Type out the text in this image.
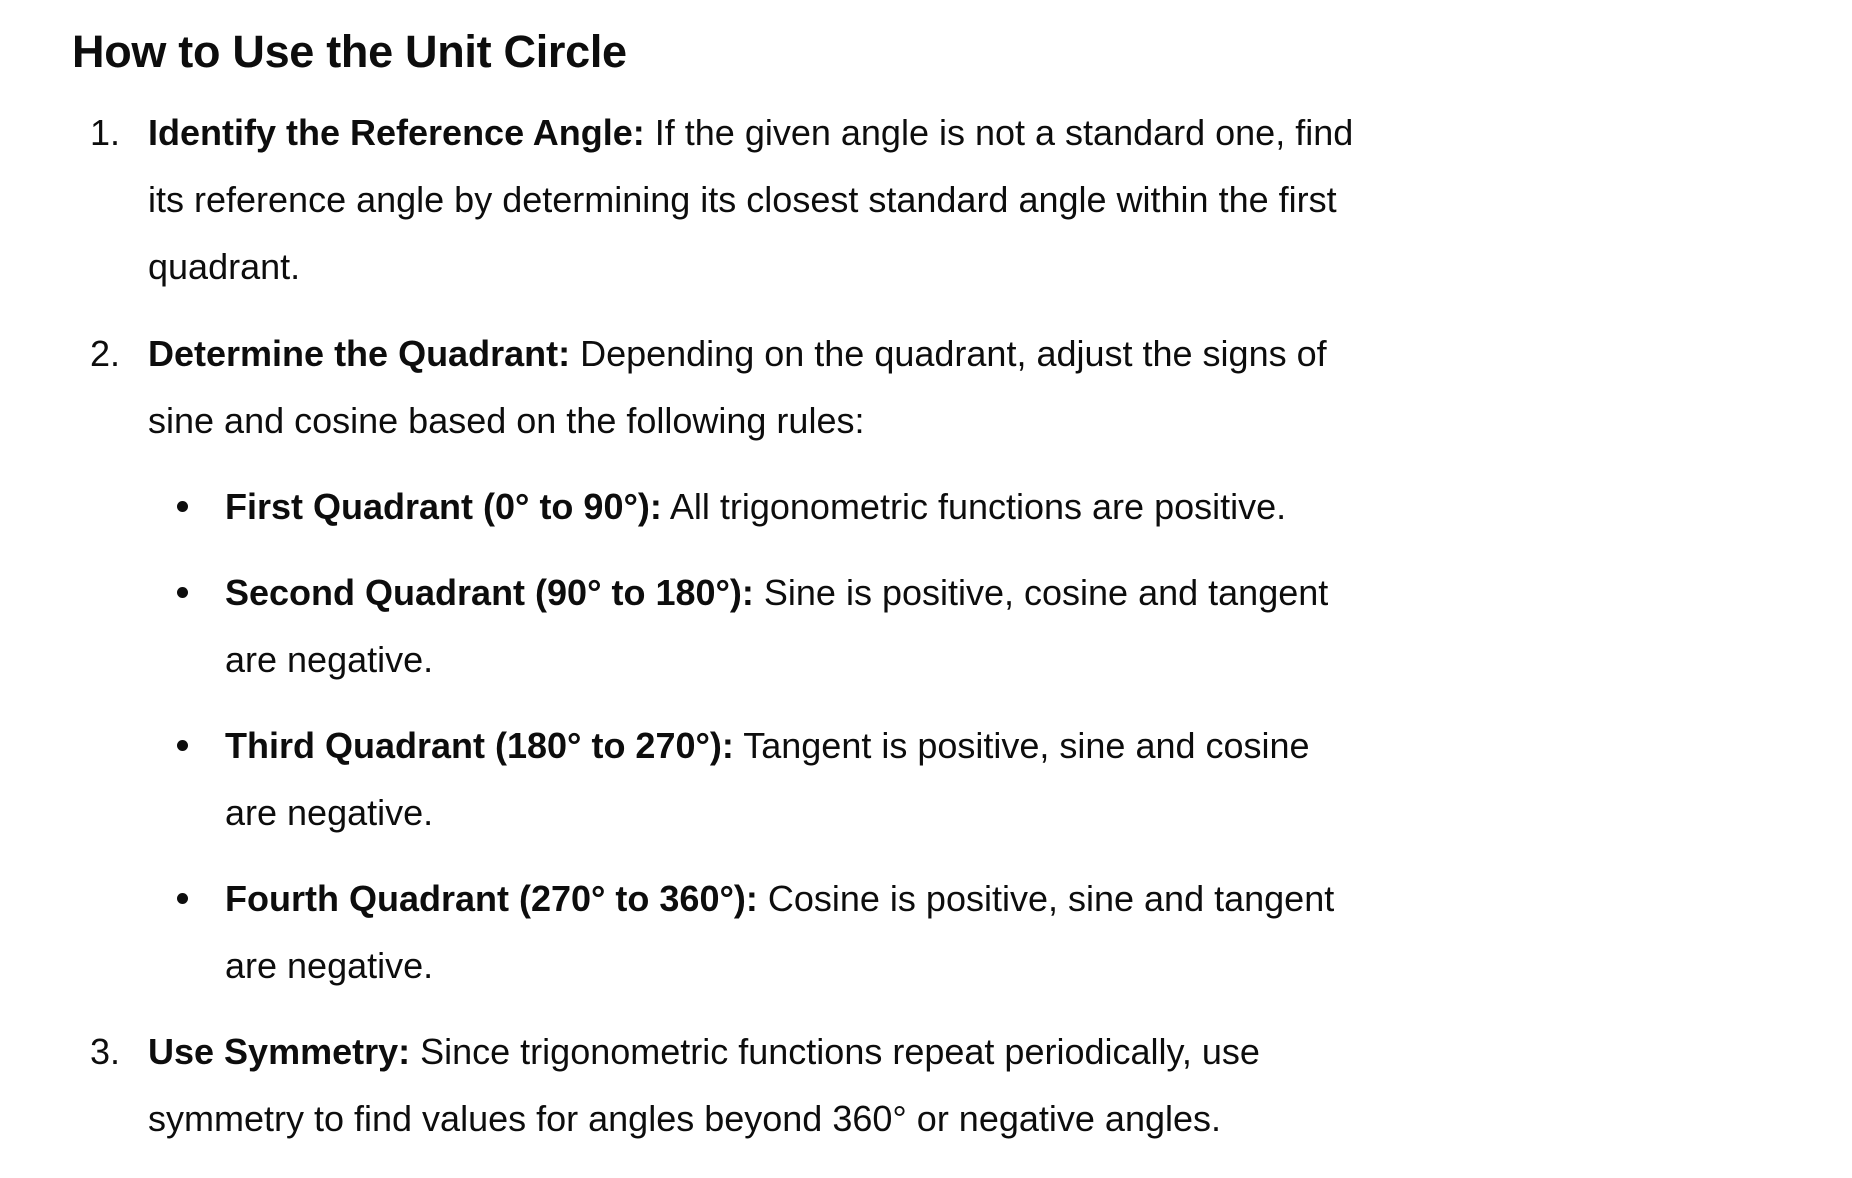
How to Use the Unit Circle
1. Identify the Reference Angle: If the given angle is not a standard one, find
its reference angle by determining its closest standard angle within the first
quadrant.
2. Determine the Quadrant: Depending on the quadrant, adjust the signs of
sine and cosine based on the following rules:
First Quadrant (0° to 90°): All trigonometric functions are positive.
Second Quadrant (90° to 180°): Sine is positive, cosine and tangent
are negative.
Third Quadrant (180° to 270°): Tangent is positive, sine and cosine
are negative.
Fourth Quadrant (270° to 360°): Cosine is positive, sine and tangent
are negative.
3. Use Symmetry: Since trigonometric functions repeat periodically, use
symmetry to find values for angles beyond 360° or negative angles.
